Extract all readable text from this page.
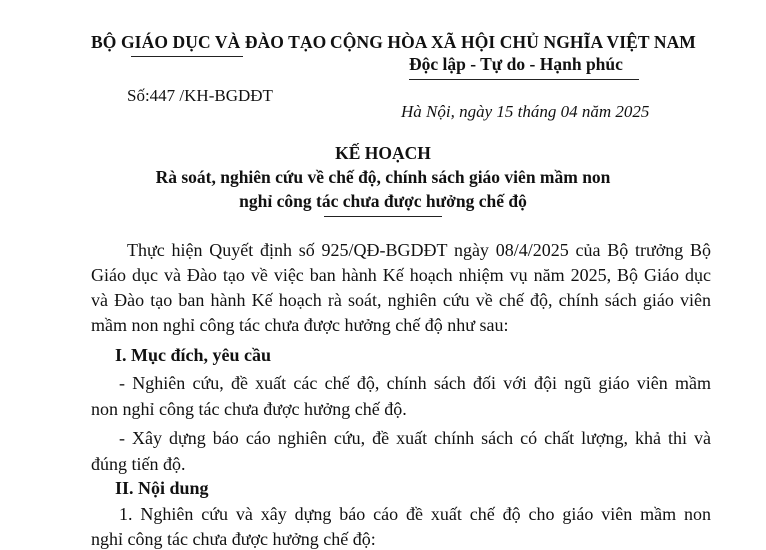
BỘ GIÁO DỤC VÀ ĐÀO TẠO CỘNG HÒA XÃ HỘI CHỦ NGHĨA VIỆT NAM
Độc lập - Tự do - Hạnh phúc
Số:447 /KH-BGDĐT
Hà Nội, ngày 15 tháng 04 năm 2025
KẾ HOẠCH
Rà soát, nghiên cứu về chế độ, chính sách giáo viên mầm non
nghỉ công tác chưa được hưởng chế độ
Thực hiện Quyết định số 925/QĐ-BGDĐT ngày 08/4/2025 của Bộ trưởng Bộ
Giáo dục và Đào tạo về việc ban hành Kế hoạch nhiệm vụ năm 2025, Bộ Giáo dục
và Đào tạo ban hành Kế hoạch rà soát, nghiên cứu về chế độ, chính sách giáo viên
mầm non nghỉ công tác chưa được hưởng chế độ như sau:
I. Mục đích, yêu cầu
- Nghiên cứu, đề xuất các chế độ, chính sách đối với đội ngũ giáo viên mầm
non nghỉ công tác chưa được hưởng chế độ.
- Xây dựng báo cáo nghiên cứu, đề xuất chính sách có chất lượng, khả thi và
đúng tiến độ.
II. Nội dung
1. Nghiên cứu và xây dựng báo cáo đề xuất chế độ cho giáo viên mầm non
nghỉ công tác chưa được hưởng chế độ:
